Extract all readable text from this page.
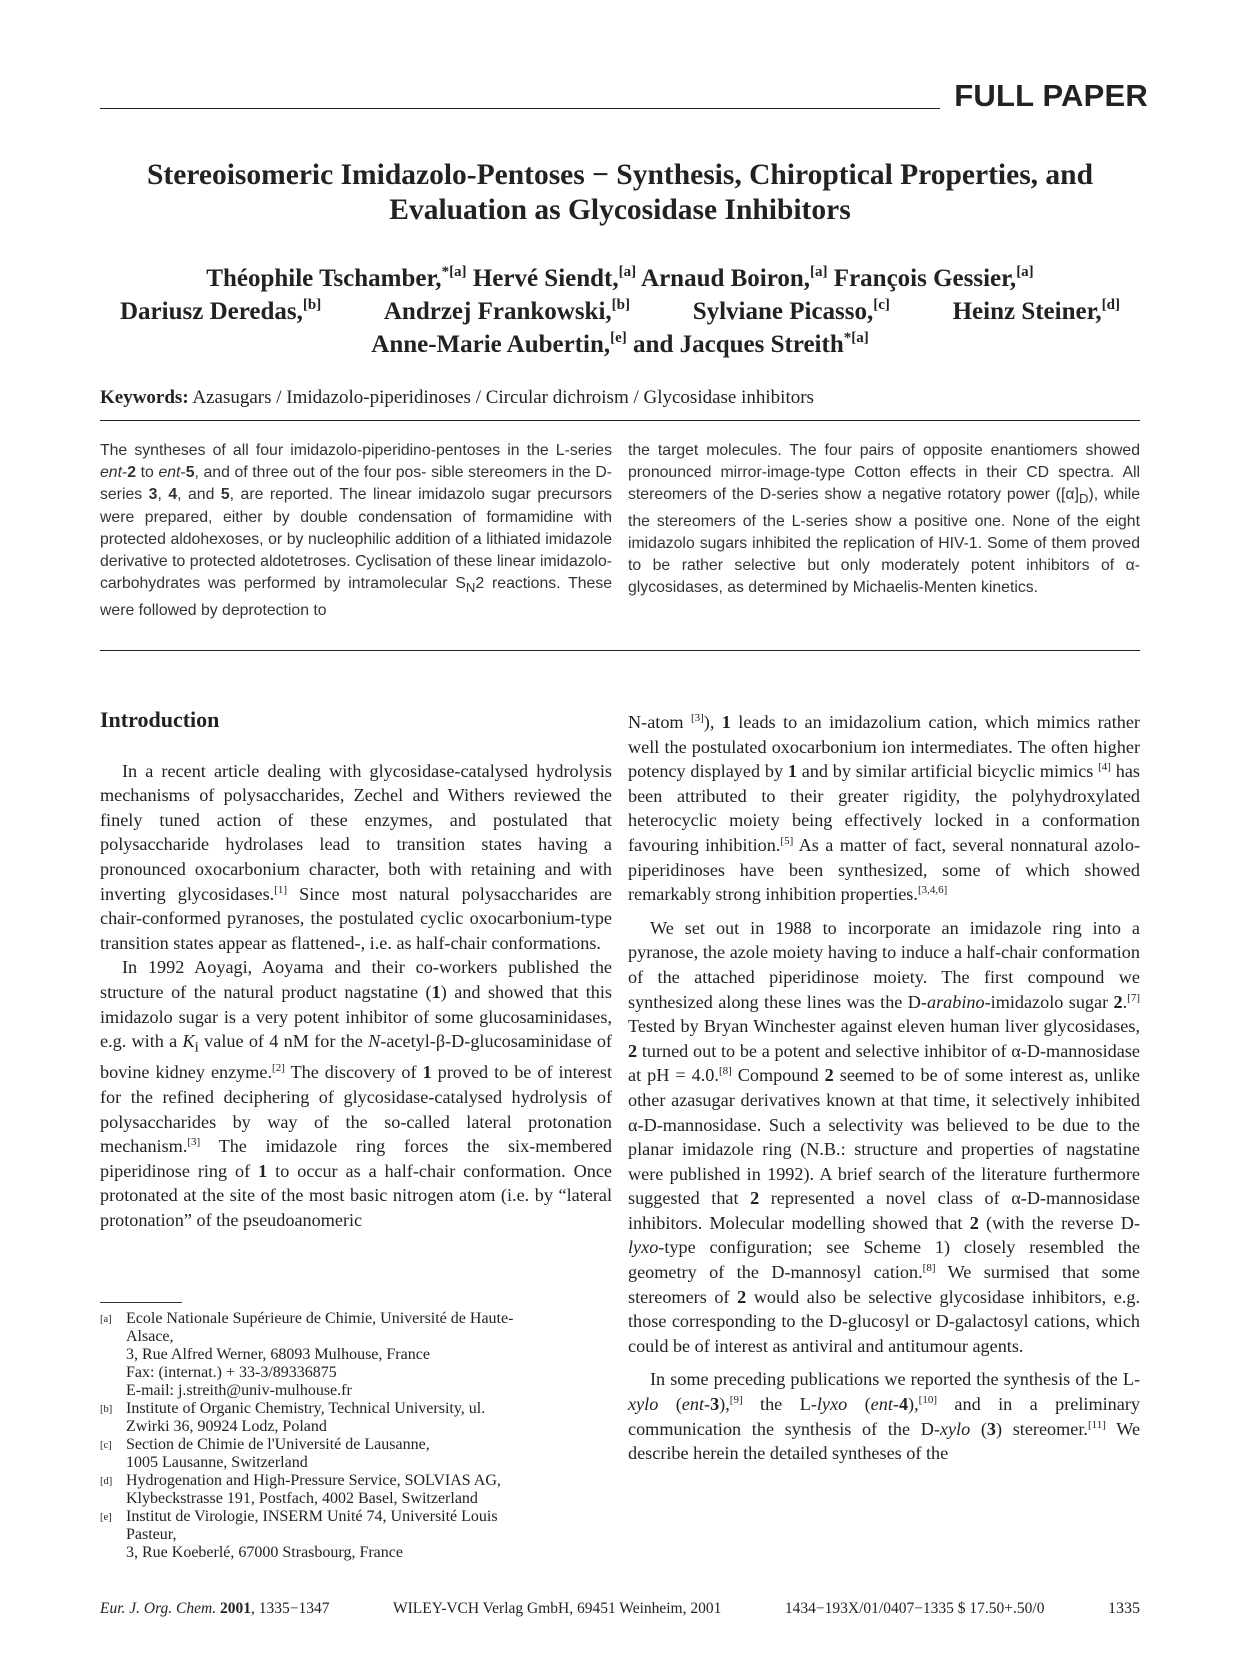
FULL PAPER
Stereoisomeric Imidazolo-Pentoses − Synthesis, Chiroptical Properties, and
Evaluation as Glycosidase Inhibitors
Théophile Tschamber,$^{*[a]}$ Hervé Siendt,[a] Arnaud Boiron,[a] François Gessier,[a]
Dariusz Deredas,[b]	Andrzej Frankowski,[b]	Sylviane Picasso,[c]	Heinz Steiner,[d]
Anne-Marie Aubertin,[e] and Jacques Streith$^{*[a]}$
Keywords: Azasugars / Imidazolo-piperidinoses / Circular dichroism / Glycosidase inhibitors

The syntheses of all four imidazolo-piperidino-pentoses in the L-series ent-2 to ent-5, and of three out of the four pos- sible stereomers in the D-series 3, 4, and 5, are reported. The linear imidazolo sugar precursors were prepared, either by double condensation of formamidine with protected aldohexoses, or by nucleophilic addition of a lithiated imidazole derivative to protected aldotetroses. Cyclisation of these linear imidazolo-carbohydrates was performed by intramolecular $S_N2$ reactions. These were followed by deprotection to

the target molecules. The four pairs of opposite enantiomers showed pronounced mirror-image-type Cotton effects in their CD spectra. All stereomers of the D-series show a negative rotatory power $([\alpha]_D)$, while the stereomers of the L-series show a positive one. None of the eight imidazolo sugars inhibited the replication of HIV-1. Some of them proved to be rather selective but only moderately potent inhibitors of α-glycosidases, as determined by Michaelis-Menten kinetics.

Introduction

In a recent article dealing with glycosidase-catalysed hydrolysis mechanisms of polysaccharides, Zechel and Withers reviewed the finely tuned action of these enzymes, and postulated that polysaccharide hydrolases lead to transition states having a pronounced oxocarbonium character, both with retaining and with inverting glycosidases.[1] Since most natural polysaccharides are chair-conformed pyranoses, the postulated cyclic oxocarbonium-type transition states appear as flattened-, i.e. as half-chair conformations.

In 1992 Aoyagi, Aoyama and their co-workers published the structure of the natural product nagstatine (1) and showed that this imidazolo sugar is a very potent inhibitor of some glucosaminidases, e.g. with a $K_i$ value of 4 nM for the N-acetyl-β-D-glucosaminidase of bovine kidney enzyme.[2] The discovery of 1 proved to be of interest for the refined deciphering of glycosidase-catalysed hydrolysis of polysaccharides by way of the so-called lateral protonation mechanism.[3] The imidazole ring forces the six-membered piperidinose ring of 1 to occur as a half-chair conformation. Once protonated at the site of the most basic nitrogen atom (i.e. by “lateral protonation” of the pseudoanomeric

[a] Ecole Nationale Supérieure de Chimie, Université de Haute-
Alsace,
3, Rue Alfred Werner, 68093 Mulhouse, France
Fax: (internat.) + 33-3/89336875
E-mail: j.streith@univ-mulhouse.fr
[b] Institute of Organic Chemistry, Technical University, ul.
Zwirki 36, 90924 Lodz, Poland
[c] Section de Chimie de l'Université de Lausanne,
1005 Lausanne, Switzerland
[d] Hydrogenation and High-Pressure Service, SOLVIAS AG,
Klybeckstrasse 191, Postfach, 4002 Basel, Switzerland
[e] Institut de Virologie, INSERM Unité 74, Université Louis
Pasteur,
3, Rue Koeberlé, 67000 Strasbourg, France

N-atom [3]), 1 leads to an imidazolium cation, which mimics rather well the postulated oxocarbonium ion intermediates. The often higher potency displayed by 1 and by similar artificial bicyclic mimics [4] has been attributed to their greater rigidity, the polyhydroxylated heterocyclic moiety being effectively locked in a conformation favouring inhibition.[5] As a matter of fact, several nonnatural azolo-piperidinoses have been synthesized, some of which showed remarkably strong inhibition properties.[3,4,6]

We set out in 1988 to incorporate an imidazole ring into a pyranose, the azole moiety having to induce a half-chair conformation of the attached piperidinose moiety. The first compound we synthesized along these lines was the D-arabino-imidazolo sugar 2.[7] Tested by Bryan Winchester against eleven human liver glycosidases, 2 turned out to be a potent and selective inhibitor of α-D-mannosidase at pH = 4.0.[8] Compound 2 seemed to be of some interest as, unlike other azasugar derivatives known at that time, it selectively inhibited α-D-mannosidase. Such a selectivity was believed to be due to the planar imidazole ring (N.B.: structure and properties of nagstatine were published in 1992). A brief search of the literature furthermore suggested that 2 represented a novel class of α-D-mannosidase inhibitors. Molecular modelling showed that 2 (with the reverse D-lyxo-type configuration; see Scheme 1) closely resembled the geometry of the D-mannosyl cation.[8] We surmised that some stereomers of 2 would also be selective glycosidase inhibitors, e.g. those corresponding to the D-glucosyl or D-galactosyl cations, which could be of interest as antiviral and antitumour agents.

In some preceding publications we reported the synthesis of the L-xylo (ent-3),[9] the L-lyxo (ent-4),[10] and in a preliminary communication the synthesis of the D-xylo (3) stereomer.[11] We describe herein the detailed syntheses of the

Eur. J. Org. Chem. 2001, 1335−1347	WILEY-VCH Verlag GmbH, 69451 Weinheim, 2001	1434−193X/01/0407−1335 $ 17.50+.50/0	1335
